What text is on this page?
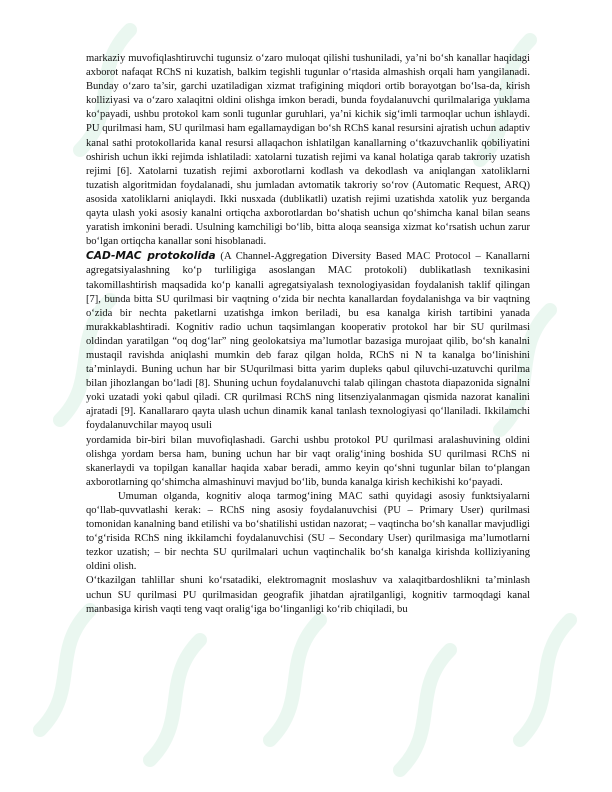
markaziy muvofiqlashtiruvchi tugunsiz o‘zaro muloqat qilishi tushuniladi, ya’ni bo‘sh kanallar haqidagi axborot nafaqat RChS ni kuzatish, balkim tegishli tugunlar o‘rtasida almashish orqali ham yangilanadi. Bunday o‘zaro ta’sir, garchi uzatiladigan xizmat trafigining miqdori ortib borayotgan bo‘lsa-da, kirish kolliziyasi va o‘zaro xalaqitni oldini olishga imkon beradi, bunda foydalanuvchi qurilmalariga yuklama ko‘payadi, ushbu protokol kam sonli tugunlar guruhlari, ya’ni kichik sig‘imli tarmoqlar uchun ishlaydi. PU qurilmasi ham, SU qurilmasi ham egallamaydigan bo‘sh RChS kanal resursini ajratish uchun adaptiv kanal sathi protokollarida kanal resursi allaqachon ishlatilgan kanallarning o‘tkazuvchanlik qobiliyatini oshirish uchun ikki rejimda ishlatiladi: xatolarni tuzatish rejimi va kanal holatiga qarab takroriy uzatish rejimi [6]. Xatolarni tuzatish rejimi axborotlarni kodlash va dekodlash va aniqlangan xatoliklarni tuzatish algoritmidan foydalanadi, shu jumladan avtomatik takroriy so‘rov (Automatic Request, ARQ) asosida xatoliklarni aniqlaydi. Ikki nusxada (dublikatli) uzatish rejimi uzatishda xatolik yuz berganda qayta ulash yoki asosiy kanalni ortiqcha axborotlardan bo‘shatish uchun qo‘shimcha kanal bilan seans yaratish imkonini beradi. Usulning kamchiligi bo‘lib, bitta aloqa seansiga xizmat ko‘rsatish uchun zarur bo‘lgan ortiqcha kanallar soni hisoblanadi.

CAD-MAC protokolida (A Channel-Aggregation Diversity Based MAC Protocol – Kanallarni agregatsiyalashning ko‘p turliligiga asoslangan MAC protokoli) dublikatlash texnikasini takomillashtirish maqsadida ko‘p kanalli agregatsiyalash texnologiyasidan foydalanish taklif qilingan [7], bunda bitta SU qurilmasi bir vaqtning o‘zida bir nechta kanallardan foydalanishga va bir vaqtning o‘zida bir nechta paketlarni uzatishga imkon beriladi, bu esa kanalga kirish tartibini yanada murakkablashtiradi. Kognitiv radio uchun taqsimlangan kooperativ protokol har bir SU qurilmasi oldindan yaratilgan “oq dog‘lar” ning geolokatsiya ma’lumotlar bazasiga murojaat qilib, bo‘sh kanalni mustaqil ravishda aniqlashi mumkin deb faraz qilgan holda, RChS ni N ta kanalga bo‘linishini ta’minlaydi. Buning uchun har bir SUqurilmasi bitta yarim dupleks qabul qiluvchi-uzatuvchi qurilma bilan jihozlangan bo‘ladi [8]. Shuning uchun foydalanuvchi talab qilingan chastota diapazonida signalni yoki uzatadi yoki qabul qiladi. CR qurilmasi RChS ning litsenziyalanmagan qismida nazorat kanalini ajratadi [9]. Kanallararo qayta ulash uchun dinamik kanal tanlash texnologiyasi qo‘llaniladi. Ikkilamchi foydalanuvchilar mayoq usuli

yordamida bir-biri bilan muvofiqlashadi. Garchi ushbu protokol PU qurilmasi aralashuvining oldini olishga yordam bersa ham, buning uchun har bir vaqt oralig‘ining boshida SU qurilmasi RChS ni skanerlaydi va topilgan kanallar haqida xabar beradi, ammo keyin qo‘shni tugunlar bilan to‘plangan axborotlarning qo‘shimcha almashinuvi mavjud bo‘lib, bunda kanalga kirish kechikishi ko‘payadi.

Umuman olganda, kognitiv aloqa tarmog‘ining MAC sathi quyidagi asosiy funktsiyalarni qo‘llab-quvvatlashi kerak: – RChS ning asosiy foydalanuvchisi (PU – Primary User) qurilmasi tomonidan kanalning band etilishi va bo‘shatilishi ustidan nazorat; – vaqtincha bo‘sh kanallar mavjudligi to‘g‘risida RChS ning ikkilamchi foydalanuvchisi (SU – Secondary User) qurilmasiga ma’lumotlarni tezkor uzatish; – bir nechta SU qurilmalari uchun vaqtinchalik bo‘sh kanalga kirishda kolliziyaning oldini olish.

O‘tkazilgan tahlillar shuni ko‘rsatadiki, elektromagnit moslashuv va xalaqitbardoshlikni ta’minlash uchun SU qurilmasi PU qurilmasidan geografik jihatdan ajratilganligi, kognitiv tarmoqdagi kanal manbasiga kirish vaqti teng vaqt oralig‘iga bo‘linganligi ko‘rib chiqiladi, bu
